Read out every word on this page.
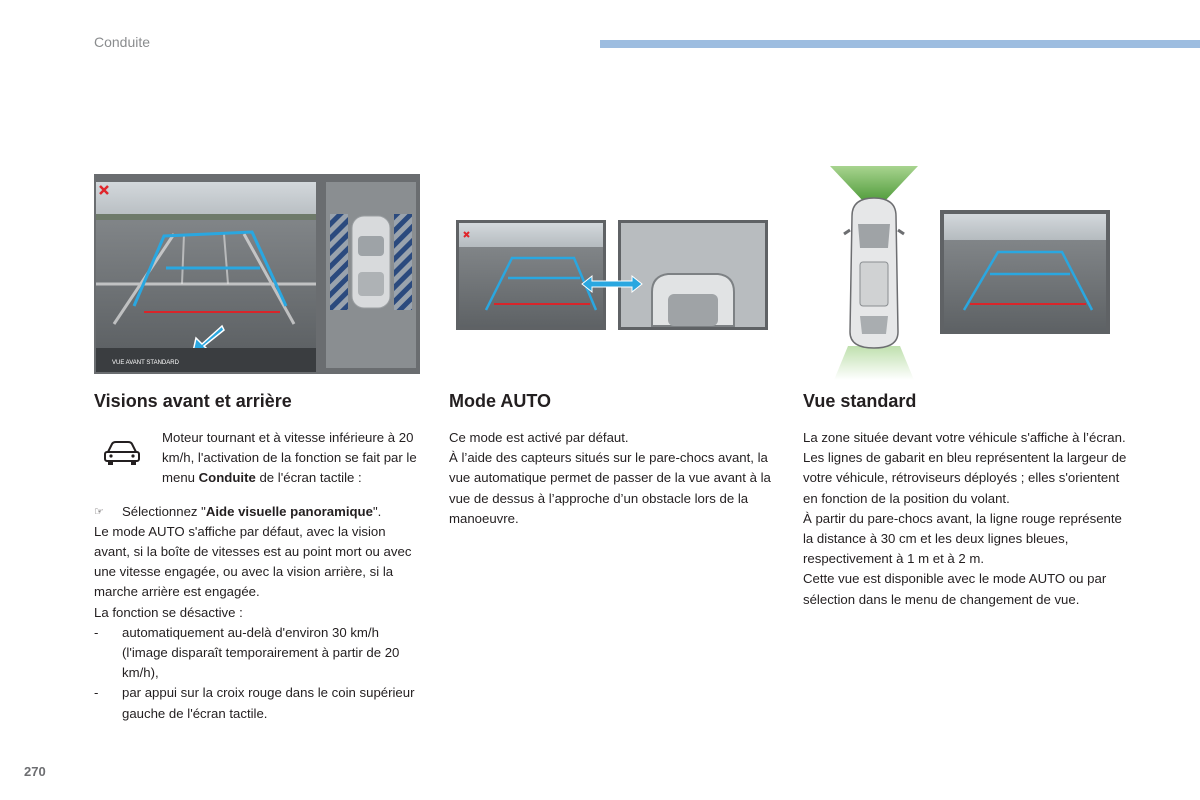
Conduite
VUE AVANT STANDARD
Visions avant et arrière

Moteur tournant et à vitesse inférieure à 20 km/h, l'activation de la fonction se fait par le menu Conduite de l'écran tactile :

☞ Sélectionnez "Aide visuelle panoramique".

Le mode AUTO s'affiche par défaut, avec la vision avant, si la boîte de vitesses est au point mort ou avec une vitesse engagée, ou avec la vision arrière, si la marche arrière est engagée.

La fonction se désactive :

- automatiquement au-delà d'environ 30 km/h (l'image disparaît temporairement à partir de 20 km/h),

- par appui sur la croix rouge dans le coin supérieur gauche de l'écran tactile.

Mode AUTO

Ce mode est activé par défaut.

À l’aide des capteurs situés sur le pare-chocs avant, la vue automatique permet de passer de la vue avant à la vue de dessus à l’approche d’un obstacle lors de la manoeuvre.

Vue standard

La zone située devant votre véhicule s'affiche à l’écran.

Les lignes de gabarit en bleu représentent la largeur de votre véhicule, rétroviseurs déployés ; elles s'orientent en fonction de la position du volant.

À partir du pare-chocs avant, la ligne rouge représente la distance à 30 cm et les deux lignes bleues, respectivement à 1 m et à 2 m.

Cette vue est disponible avec le mode AUTO ou par sélection dans le menu de changement de vue.

270
